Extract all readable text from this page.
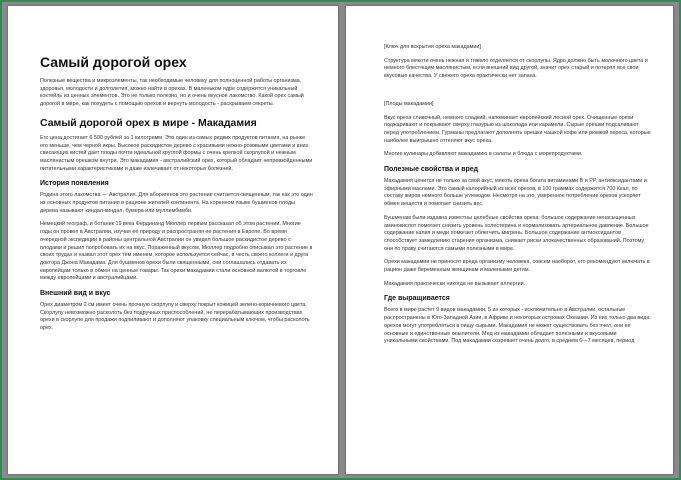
Самый дорогой орех

Полезные вещества и микроэлементы, так необходимые человеку для полноценной работы организма, здоровья, молодости и долголетия, можно найти в орехах. В маленьком ядре содержится уникальный коктейль из ценных элементов. Это не только полезно, но и очень вкусное лакомство. Какой орех самый дорогой в мире, как похудеть с помощью орехов и вернуть молодость - раскрываем секреты.

Самый дорогой орех в мире - Макадамия

Его цена достигает 6 500 рублей за 1 килограмм. Это один из самых редких продуктов питания, на рынке его меньше, чем черной икры. Высокое раскидистое дерево с красивыми нежно-розовыми цветами и вниз свисающих кистей дает плоды почти идеальной круглой формы с очень крепкой скорлупой и нежным маслянистым орешком внутри. Это макадамия - австралийский орех, который обладает непревзойденными питательными характеристиками и даже излечивает от некоторых болезней.

История появления

Родина этого лакомства — Австралия. Для аборигенов это растение считается священным, так как это один из основных продуктов питания в рационе жителей континента. На коренном языке бушменов плоды дерева называют киндал-киндал, бумера или муллимбимби.

Немецкий географ, и ботаник 19 века Фердинанд Мюллер первым рассказал об этом растении. Многие годы он провел в Австралии, изучая ее природу и распространяя ее растения в Европе. Во время очередной экспедиции в районы центральной Австралии он увидел большое раскидистое дерево с плодами и решил попробовать их на вкус. Пораженный вкусом, Мюллер подробно описывал это растение в своих трудах и назвал этот орех тем именем, которое используется сейчас, в честь своего коллеги и друга доктора Джона Макадама. Для бушменов орехи были священными, они соглашались отдавать их европейцам только в обмен на ценные товары. Так орехи макадамии стали основной валютой в торговле между европейцами и австралийцами.

Внешний вид и вкус

Орех диаметром 2 см имеет очень прочную скорлупу и сверху покрыт кожицей зелено-коричневого цвета. Скорлупу невозможно расколоть без подручных приспособлений, не перерабатывающих производствах орехи в скорлупе для продажи подпиливают и дополняют упаковку специальным ключом, чтобы расколоть орех.

[Ключ для вскрытия ореха макадамии]

Структура мякоти очень нежная и тяжело отделяется от скорлупы. Ядро должно быть молочного цвета и немного блестящим маслянистым, если внешний вид другой, значит орех старый и потерял все свои вкусовые качества. У свежего ореха практически нет запаха.

[Плоды макадамии]

Вкус ореха сливочный, немного сладкий, напоминает европейский лесной орех. Очищенные орехи поджаривают и покрывают сверху глазурью из шоколада или карамели. Сырые орешки подсаливают перед употреблением. Гурманы предлагают дополнять орешки чашкой кофе или рюмкой хереса, которые наиболее выигрышно оттеняют вкус ореха.

Многие кулинары добавляют макадамию в салаты и блюда с морепродуктами.

Полезные свойства и вред

Макадамия ценится не только за свой вкус, мякоть ореха богата витаминами В и РР, антиоксидантами и эфирными маслами. Это самый калорийный из всех орехов, в 100 граммах содержится 700 Ккал, по составу жиров немного больше углеводов. Несмотря на это, умеренное потребление орехов ускоряет обмен веществ и помогает снизить вес.

Бушменам были издавна известны целебные свойства ореха: большое содержание ненасыщенных аминокислот помогает снизить уровень холестерина и нормализовать артериальное давление. Большое содержание калия и меди помогает облегчить мигрень. Большое содержание антиоксидантов способствует замедлению старения организма, снижает риски злокачественных образований. Поэтому они по праву считаются самыми полезными в мире.

Орехи макадамии не приносят вреда организму человека, совсем наоборот, его рекомендуют включать в рацион даже беременным женщинам и маленьким детям.

Макадамия практически никогда не вызывает аллергии.

Где выращивается

Всего в мире растет 9 видов макадамии, 5 из которых - исключительно в Австралии, остальные распространены в Юго-Западной Азии, в Африке и некоторых островах Океании. Из них только два вида орехов могут употребляться в пищу сырыми. Макадамия не может существовать без пчел, они ее основные и единственные опылители. Мед из макадамии обладает полезными и вкусовыми уникальными свойствами. Под макадамии созревает очень долго, в среднем 6—7 месяцев, период
